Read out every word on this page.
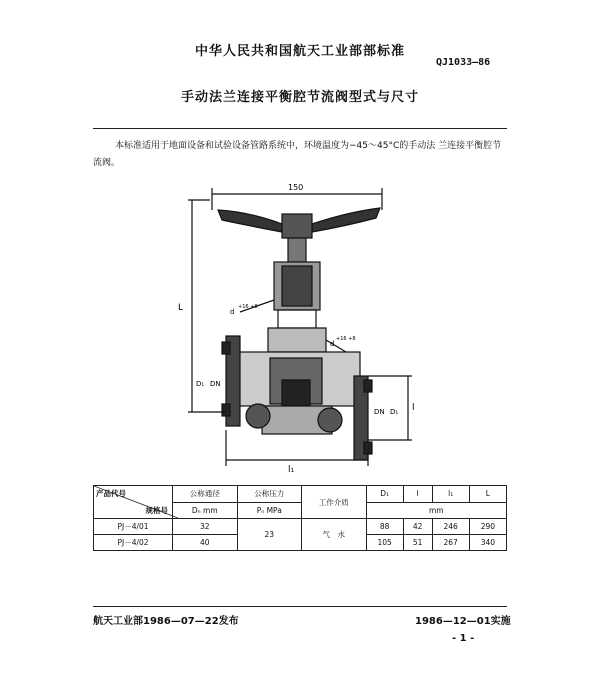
中华人民共和国航天工业部部标准
QJ1033—86
手动法兰连接平衡腔节流阀型式与尺寸
本标准适用于地面设备和试验设备管路系统中，环境温度为−45～45°C的手动法 兰连接平衡腔节流阀。
150
L
l
l₁
d
+16 +8
d
+16 +8
D₁ DN
DN D₁
产品代号
规格号	公称通径	公称压力	工作介质	D₁	l	l₁	L
	Dₙ mm	Pₙ MPa		mm			
PJ－4/01	32	23	气　水	88	42	246	290
PJ－4/02	40			105	51	267	340
航天工业部1986—07—22发布	1986—12—01实施
- 1 -
